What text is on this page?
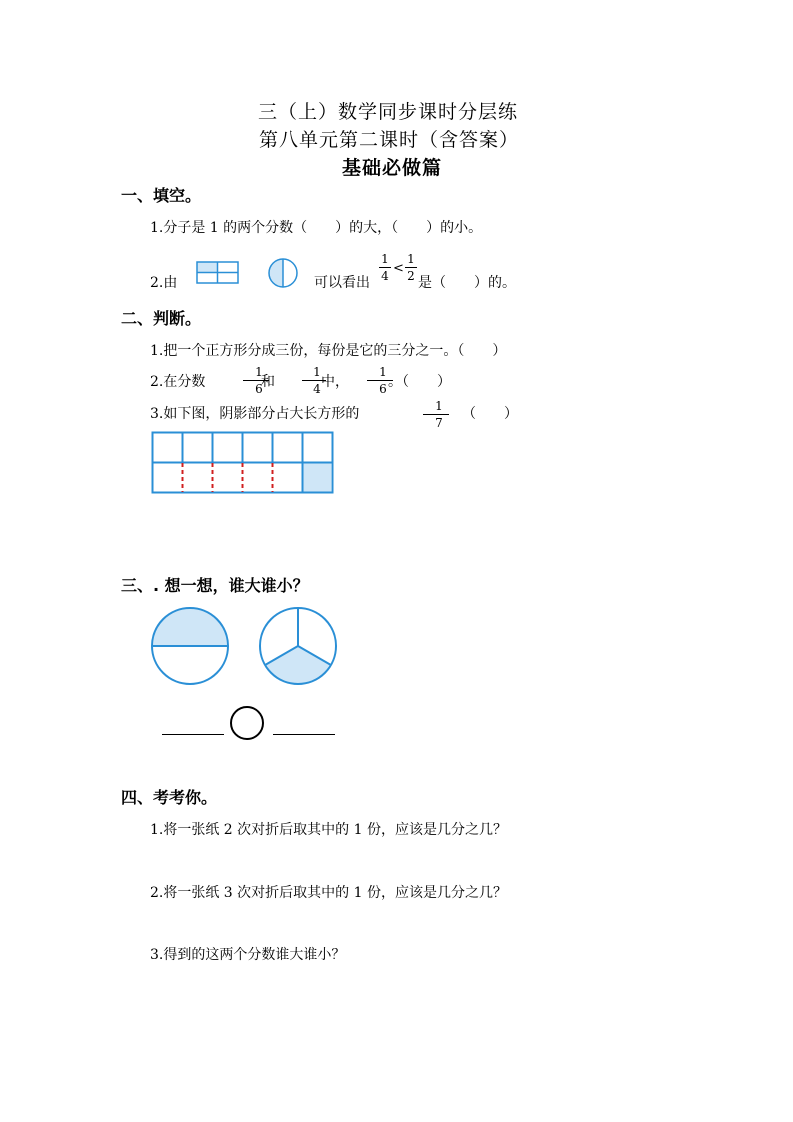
三（上）数学同步课时分层练
第八单元第二课时（含答案）
基础必做篇
一、填空。
1.分子是 1 的两个分数（　　）的大，（　　）的小。
2.由	可以看出
1
4 <
1
2 是（　　）的。
二、判断。
1.把一个正方形分成三份，每份是它的三分之一。（　　）
2.在分数
1
6
和
1
4 中，
1
6 。（　　）
3.如下图，阴影部分占大长方形的	1
7
（　　）
三、. 想一想，谁大谁小？
四、考考你。
1.将一张纸 2 次对折后取其中的 1 份，应该是几分之几？
2.将一张纸 3 次对折后取其中的 1 份，应该是几分之几？
3.得到的这两个分数谁大谁小？
